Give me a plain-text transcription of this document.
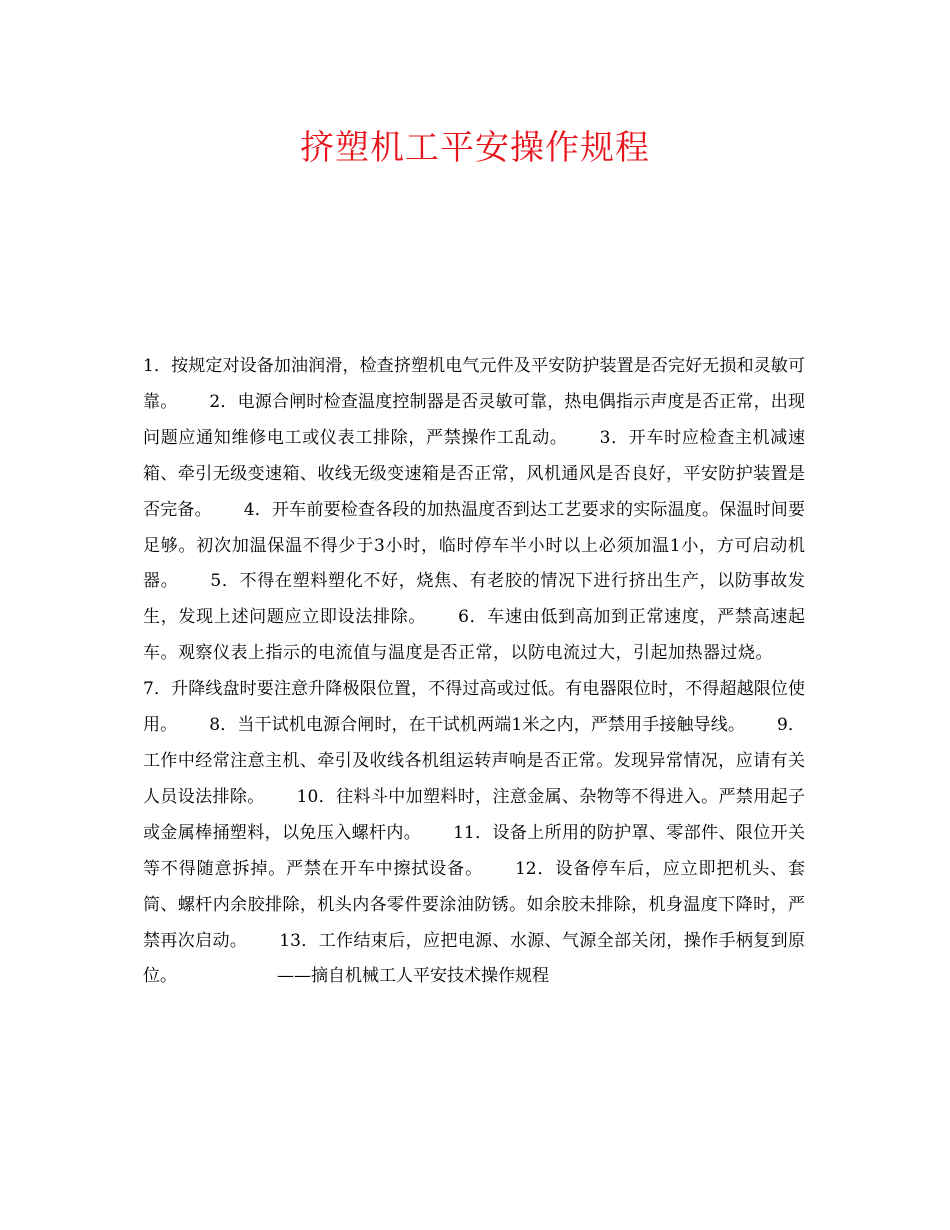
挤塑机工平安操作规程

1．按规定对设备加油润滑，检查挤塑机电气元件及平安防护装置是否完好无损和灵敏可靠。 2．电源合闸时检查温度控制器是否灵敏可靠，热电偶指示声度是否正常，出现问题应通知维修电工或仪表工排除，严禁操作工乱动。 3．开车时应检查主机减速箱、牵引无级变速箱、收线无级变速箱是否正常，风机通风是否良好，平安防护装置是否完备。 4．开车前要检查各段的加热温度否到达工艺要求的实际温度。保温时间要足够。初次加温保温不得少于3小时，临时停车半小时以上必须加温1小，方可启动机器。 5．不得在塑料塑化不好，烧焦、有老胶的情况下进行挤出生产，以防事故发生，发现上述问题应立即设法排除。 6．车速由低到高加到正常速度，严禁高速起车。观察仪表上指示的电流值与温度是否正常，以防电流过大，引起加热器过烧。7．升降线盘时要注意升降极限位置，不得过高或过低。有电器限位时，不得超越限位使用。 8．当干试机电源合闸时，在干试机两端1米之内，严禁用手接触导线。 9．工作中经常注意主机、牵引及收线各机组运转声响是否正常。发现异常情况，应请有关人员设法排除。 10．往料斗中加塑料时，注意金属、杂物等不得进入。严禁用起子或金属棒捅塑料，以免压入螺杆内。 11．设备上所用的防护罩、零部件、限位开关等不得随意拆掉。严禁在开车中擦拭设备。 12．设备停车后，应立即把机头、套筒、螺杆内余胶排除，机头内各零件要涂油防锈。如余胶未排除，机身温度下降时，严禁再次启动。 13．工作结束后，应把电源、水源、气源全部关闭，操作手柄复到原位。	——摘自机械工人平安技术操作规程
